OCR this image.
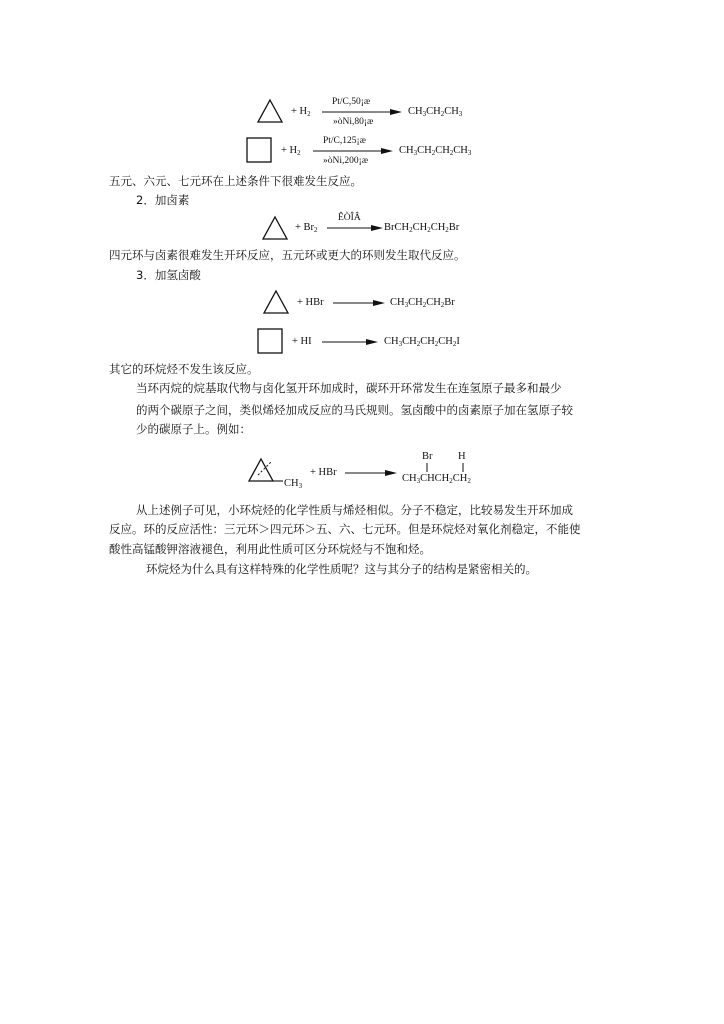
+ $H_2$
Pt/C,50¡æ
»òNi,80¡æ
$CH_3CH_2CH_3$
+ $H_2$
Pt/C,125¡æ
»òNi,200¡æ
$CH_3CH_2CH_2CH_3$
五元、六元、七元环在上述条件下很难发生反应。
2．加卤素
+ $Br_2$
ÊÒÎÂ
→ $BrCH_2CH_2CH_2Br$
四元环与卤素很难发生开环反应，五元环或更大的环则发生取代反应。
3．加氢卤酸
+ HBr → $CH_3CH_2CH_2Br$
+ HI → $CH_3CH_2CH_2CH_2I$
其它的环烷烃不发生该反应。
当环丙烷的烷基取代物与卤化氢开环加成时，碳环开环常发生在连氢原子最多和最少
的两个碳原子之间，类似烯烃加成反应的马氏规则。氢卤酸中的卤素原子加在氢原子较
少的碳原子上。例如：
$CH_3$
+ HBr →
Br H
$CH_3CHCH_2CH_2$
从上述例子可见，小环烷烃的化学性质与烯烃相似。分子不稳定，比较易发生开环加成
反应。环的反应活性：三元环＞四元环＞五、六、七元环。但是环烷烃对氧化剂稳定，不能使
酸性高锰酸钾溶液褪色，利用此性质可区分环烷烃与不饱和烃。
环烷烃为什么具有这样特殊的化学性质呢？这与其分子的结构是紧密相关的。
